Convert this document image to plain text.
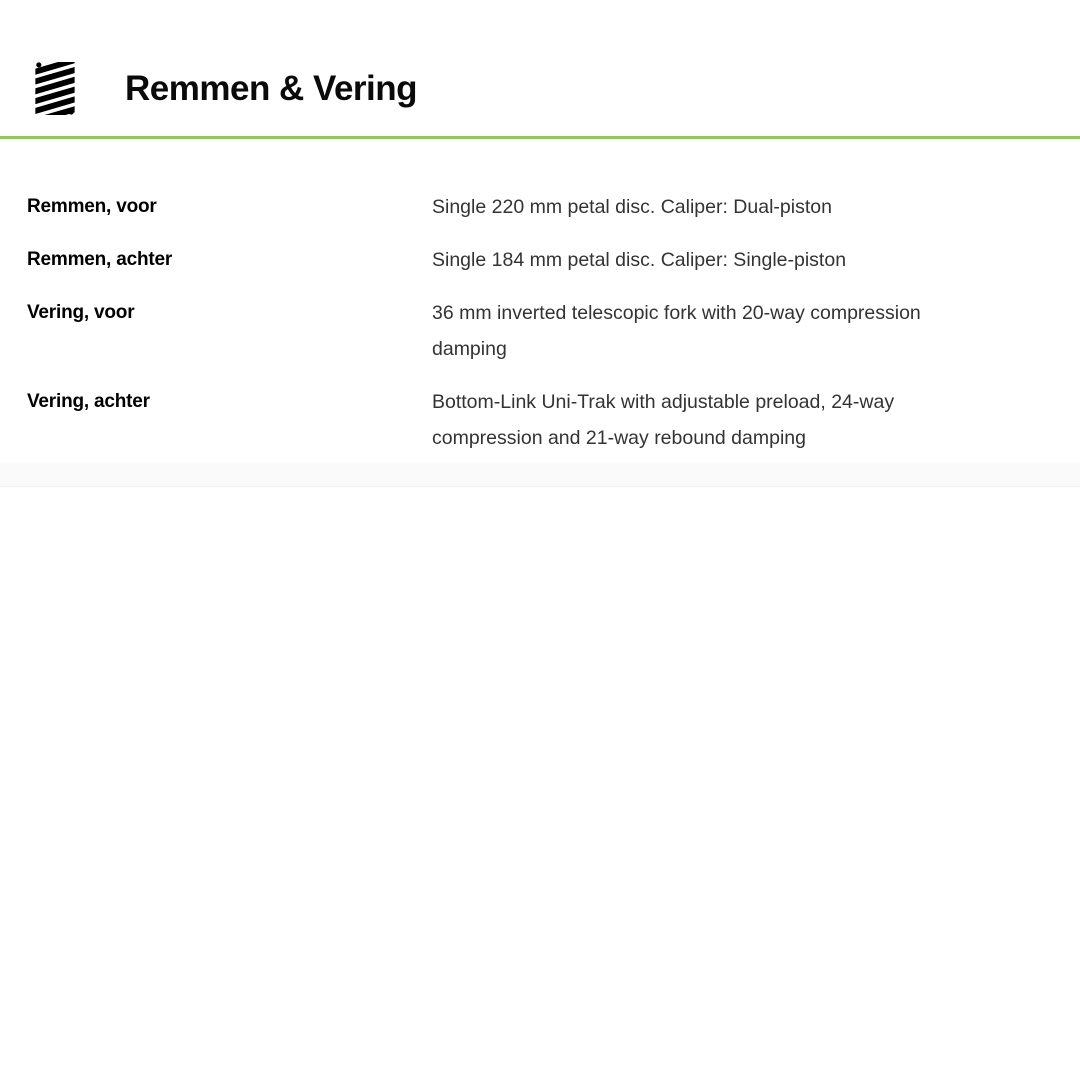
Remmen & Vering
Remmen, voor	Single 220 mm petal disc. Caliper: Dual-piston
Remmen, achter	Single 184 mm petal disc. Caliper: Single-piston
Vering, voor	36 mm inverted telescopic fork with 20-way compression damping
Vering, achter	Bottom-Link Uni-Trak with adjustable preload, 24-way compression and 21-way rebound damping
